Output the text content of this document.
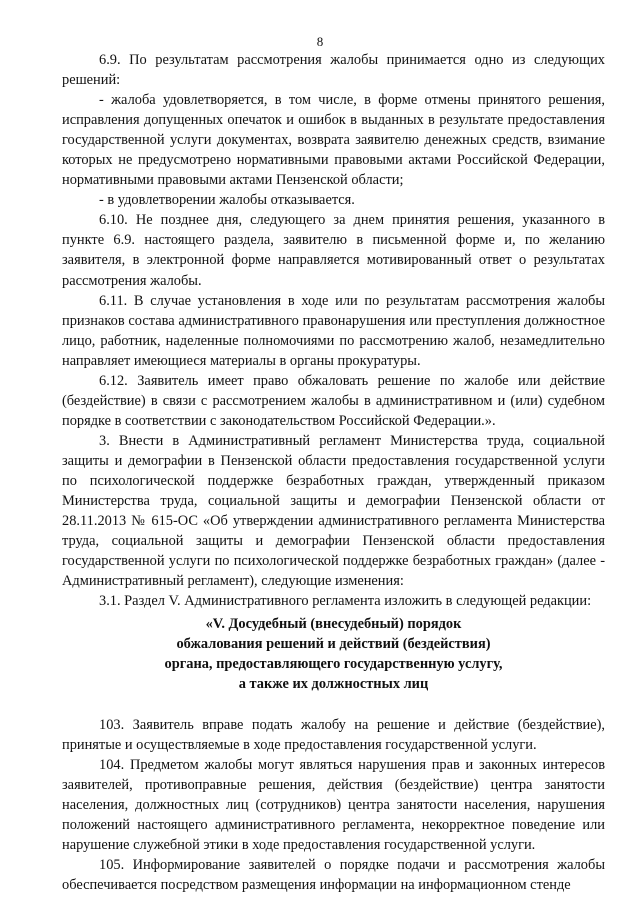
8

6.9. По результатам рассмотрения жалобы принимается одно из следующих решений:

- жалоба удовлетворяется, в том числе, в форме отмены принятого решения, исправления допущенных опечаток и ошибок в выданных в результате предоставления государственной услуги документах, возврата заявителю денежных средств, взимание которых не предусмотрено нормативными правовыми актами Российской Федерации, нормативными правовыми актами Пензенской области;

- в удовлетворении жалобы отказывается.

6.10. Не позднее дня, следующего за днем принятия решения, указанного в пункте 6.9. настоящего раздела, заявителю в письменной форме и, по желанию заявителя, в электронной форме направляется мотивированный ответ о результатах рассмотрения жалобы.

6.11. В случае установления в ходе или по результатам рассмотрения жалобы признаков состава административного правонарушения или преступления должностное лицо, работник, наделенные полномочиями по рассмотрению жалоб, незамедлительно направляет имеющиеся материалы в органы прокуратуры.

6.12. Заявитель имеет право обжаловать решение по жалобе или действие (бездействие) в связи с рассмотрением жалобы в административном и (или) судебном порядке в соответствии с законодательством Российской Федерации.».

3. Внести в Административный регламент Министерства труда, социальной защиты и демографии в Пензенской области предоставления государственной услуги по психологической поддержке безработных граждан, утвержденный приказом Министерства труда, социальной защиты и демографии Пензенской области от 28.11.2013 № 615-ОС «Об утверждении административного регламента Министерства труда, социальной защиты и демографии Пензенской области предоставления государственной услуги по психологической поддержке безработных граждан» (далее - Административный регламент), следующие изменения:

3.1. Раздел V. Административного регламента изложить в следующей редакции:

«V. Досудебный (внесудебный) порядок
обжалования решений и действий (бездействия)
органа, предоставляющего государственную услугу,
а также их должностных лиц

103. Заявитель вправе подать жалобу на решение и действие (бездействие), принятые и осуществляемые в ходе предоставления государственной услуги.

104. Предметом жалобы могут являться нарушения прав и законных интересов заявителей, противоправные решения, действия (бездействие) центра занятости населения, должностных лиц (сотрудников) центра занятости населения, нарушения положений настоящего административного регламента, некорректное поведение или нарушение служебной этики в ходе предоставления государственной услуги.

105. Информирование заявителей о порядке подачи и рассмотрения жалобы обеспечивается посредством размещения информации на информационном стенде
